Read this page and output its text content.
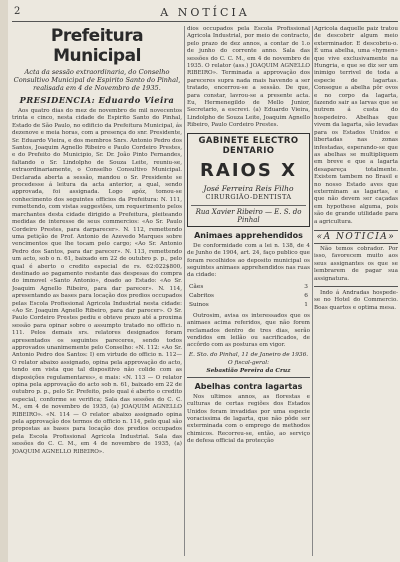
2	A NOTÍCIA
Prefeitura Municipal
Acta da sessão extraordinaria, do Conselho Consultivo Municipal de Espirito Santo do Pinhal, realisada em 4 de Novembro de 1935.
PRESIDENCIA: Eduardo Vieira

Aos quatro dias do mez de novembro de mil novecentos trinta e cinco, nesta cidade de Espirito Santo do Pinhal, Estado de São Paulo, no edificio da Prefeitura Municipal, ás dezenove e meia horas, com a presença do snr. Presidente, Sr. Eduardo Vieira, e dos membros Snrs. Antonio Pedro dos Santos, Joaquim Agnello Ribeiro e Paulo Cordeiro Prestes, e do Prefeito do Municipio, Sr. Dr. João Pinto Fernandes, faltando o Sr. Lindolpho de Souza Leite, reuniu-se, extraordinariamente, o Conselho Consultivo Municipal. Declarada aberta a sessão, mandou o Sr. Presidente se procedesse á leitura da acta anterior, a qual, sendo approvada, foi assignada. Logo apóz, tomou-se conhecimento dos seguintes officios da Prefeitura: N. 111, remettendo, com vistas suggestões, um requerimento pelos marchantes desta cidade dirigido a Prefeitura, pleiteando medidas de interesse de seus commercios: «Ao Sr. Paulo Cordeiro Prestes, para darparecer». N. 112, remettendo uma petição de Prof. Antonio de Azevedo Marques sobre vencimentos que lhe tocam pelo cargo; «Ao Sr. Antonio Pedro dos Santos, para dar parecer». N. 113, remettendo um acto, sob o n. 61, baixado em 22 de outubro p. p., pelo qual é aberto o credito especial de rs. 62:022$800, destinado ao pagamento restante das despesas do compra do immovel «Santo Antonio», doado ao Estado: «Ao Sr. Joaquim Agnello Ribeiro, para dar parecer». N. 114, apresentando as bases para locação dos predios occupados pelas Escola Profissional Agricola Industrial nesta cidade: «Ao Sr. Joaquim Agnello Ribeiro, para dar parecer». O Sr. Paulo Cordeiro Prestes pediu e obteve prazo até a proxima sessão para opinar sobre o assumpto tratado no officio n. 111. Pelos demais srs. relatores designados foram apresentados os seguintes pareceres, sendo todos approvados unanimemente pelo Conselho: «N. 112: «Ao Sr. Antonio Pedro dos Santos: I) em virtude do officio n. 112—O relator abaixo assignado, opina pela approvação do acto, tendo em vista que tal dispositivo não colide com as disposições regulamentares», e mais: «N. 113 — O relator opina pela approvação do acto sob n. 61, baixado em 22 de outubro p. p., pelo Sr. Prefeito, pelo qual é aberto o credito especial, conforme se verifica; Sala das sessões do C. C. M., em 4 de novembro de 1935, (a) JOAQUIM AGNELLO RIBEIRO». «N. 114 — O relator abaixo assignado opina pela approvação dos termos do officio n. 114, pelo qual são propostas as bases para locação dos predios occupados pela Escola Profissional Agricola Industrial. Sala das sessões do C. C. M., em 4 de novembro de 1935, (a) JOAQUIM AGNELLO RIBEIRO».

dios occupados pela Escola Profissional Agricola Industrial, por meio de contracto, pelo prazo de dez annos, a contar de 1.o de junho do corrente anno. Sala das sessões do C. C. M., em 4 de novembro de 1935. O relator (ass.) JOAQUIM AGNELLO RIBEIRO». Terminada a approvação dos pareceres supra nada mais havendo a ser tratado, encerrou-se a sessão. De que, para constar, lavrou-se a presente acta. Eu, Hermenegildo de Mello Junior, Secretario, a escrevi. (a) Eduardo Vieira, Lindolpho de Souza Leite, Joaquim Agnello Ribeiro, Paulo Cordeiro Prestes.

GABINETE ELECTRO DENTARIO
RAIOS X
José Ferreira Reis Filho
CIRURGIÃO-DENTISTA
Rua Xavier Ribeiro — E. S. do Pinhal
Animaes apprehendidos

De conformidade com a lei n. 138, de 4 de Junho de 1904, art. 24, faço publico que foram recolhidos ao deposito municipal os seguintes animaes apprehendidos nas ruas da cidade:

Cães	3
Cabritos	6
Suinos	1

Outrosim, avisa os interessados que os animaes acima referidos, que não forem reclamados dentro de tres dias, serão vendidos em leilão ou sacrificados, de accôrdo com as posturas em vigor.

E. Sto. do Pinhal, 11 de Janeiro de 1936.
O fiscal-geral:
Sebastião Pereira da Cruz
Abelhas contra lagartas

Nos ultimos annos, as florestas e culturas de certas regiões dos Estados Unidos foram invadidas por uma especie voracissima de lagarta, que não pôde ser exterminada com o emprego de methodos chimicos. Recorreu-se, então, ao serviço de defesa official da protecção

Agricola daquelle paiz tratou de descobrir algum meio exterminador. E descobriu-o. É uma abelha, uma «hymen» que vive exclusivamente na Hungria, e que se diz ser um inimigo terrivel de toda a especie de lagartas. Consegue a abelha pôr ovos e no corpo da lagarta, fazendo sair as larvas que se nutrem á custa do hospedeiro. Abelhas que vivem da lagarta, são levadas para os Estados Unidos e libertadas nas zonas infestadas, esperando-se que as abelhas se multipliquem em breve e que a lagarta desapareça totalmente. Existem tambem no Brasil e no nosso Estado aves que exterminam as lagartas, e que não devem ser caçadas em hypothese alguma, pois são de grande utilidade para a agricultura.

«A NOTICIA»

Não temos cobrador. Por isso, favorecem muito aos seus assignantes os que se lembrarem de pagar sua assignatura.

Indo á Andradas hospede-se no Hotel do Commercio. Boas quartos e optima mesa.
